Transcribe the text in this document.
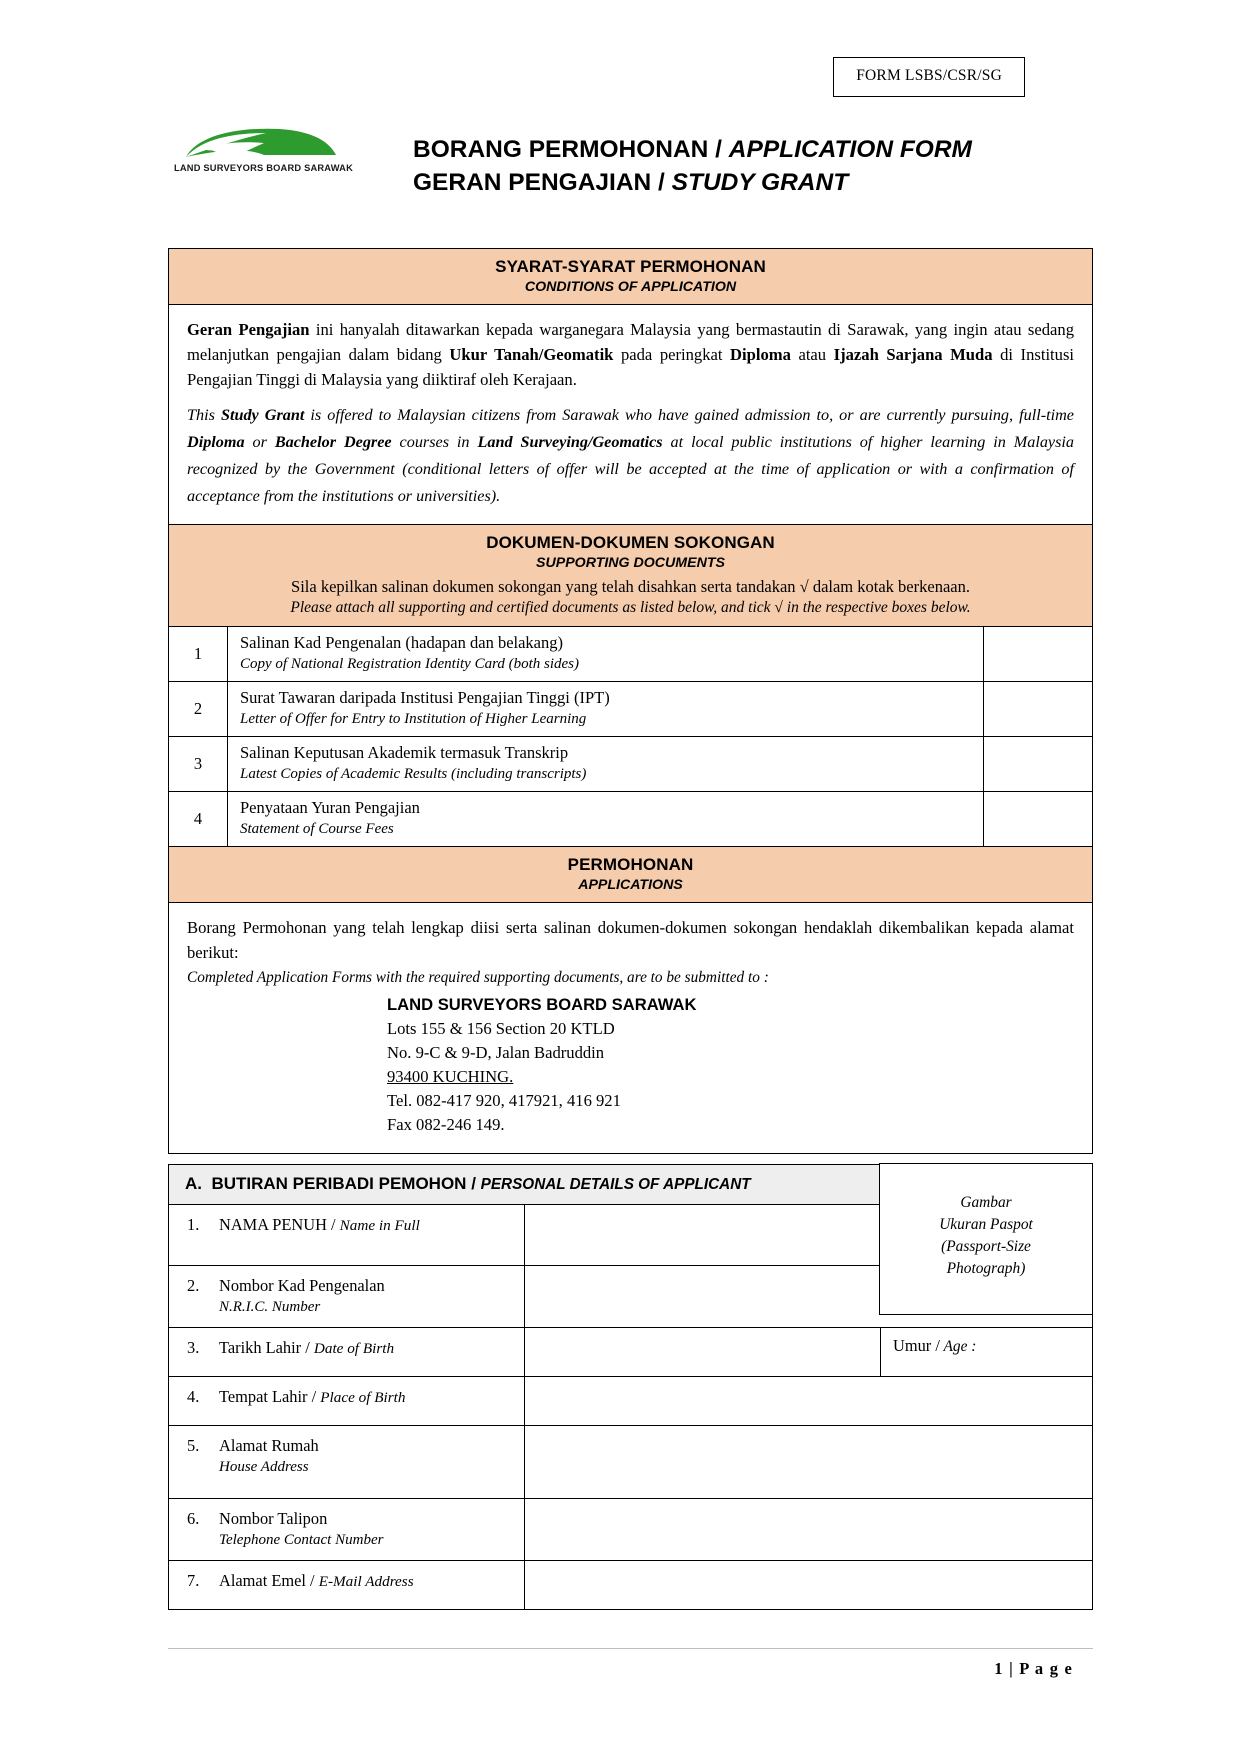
FORM LSBS/CSR/SG
LAND SURVEYORS BOARD SARAWAK
BORANG PERMOHONAN / APPLICATION FORM
GERAN PENGAJIAN / STUDY GRANT
SYARAT-SYARAT PERMOHONAN
CONDITIONS OF APPLICATION

Geran Pengajian ini hanyalah ditawarkan kepada warganegara Malaysia yang bermastautin di Sarawak, yang ingin atau sedang melanjutkan pengajian dalam bidang Ukur Tanah/Geomatik pada peringkat Diploma atau Ijazah Sarjana Muda di Institusi Pengajian Tinggi di Malaysia yang diiktiraf oleh Kerajaan.

This Study Grant is offered to Malaysian citizens from Sarawak who have gained admission to, or are currently pursuing, full-time Diploma or Bachelor Degree courses in Land Surveying/Geomatics at local public institutions of higher learning in Malaysia recognized by the Government (conditional letters of offer will be accepted at the time of application or with a confirmation of acceptance from the institutions or universities).

DOKUMEN-DOKUMEN SOKONGAN
SUPPORTING DOCUMENTS
Sila kepilkan salinan dokumen sokongan yang telah disahkan serta tandakan √ dalam kotak berkenaan.
Please attach all supporting and certified documents as listed below, and tick √ in the respective boxes below.
1
Salinan Kad Pengenalan (hadapan dan belakang)
Copy of National Registration Identity Card (both sides)
2
Surat Tawaran daripada Institusi Pengajian Tinggi (IPT)
Letter of Offer for Entry to Institution of Higher Learning
3
Salinan Keputusan Akademik termasuk Transkrip
Latest Copies of Academic Results (including transcripts)
4
Penyataan Yuran Pengajian
Statement of Course Fees
PERMOHONAN
APPLICATIONS

Borang Permohonan yang telah lengkap diisi serta salinan dokumen-dokumen sokongan hendaklah dikembalikan kepada alamat berikut:

Completed Application Forms with the required supporting documents, are to be submitted to :

LAND SURVEYORS BOARD SARAWAK
Lots 155 & 156 Section 20 KTLD
No. 9-C & 9-D, Jalan Badruddin
93400 KUCHING.
Tel. 082-417 920, 417921, 416 921
Fax 082-246 149.
A. BUTIRAN PERIBADI PEMOHON / PERSONAL DETAILS OF APPLICANT
1. NAMA PENUH / Name in Full
2. Nombor Kad Pengenalan
N.R.I.C. Number
3. Tarikh Lahir / Date of Birth	Umur / Age :
4. Tempat Lahir / Place of Birth
5. Alamat Rumah
House Address
6. Nombor Talipon
Telephone Contact Number
7. Alamat Emel / E-Mail Address
Gambar
Ukuran Paspot
(Passport-Size
Photograph)
1 | P a g e
